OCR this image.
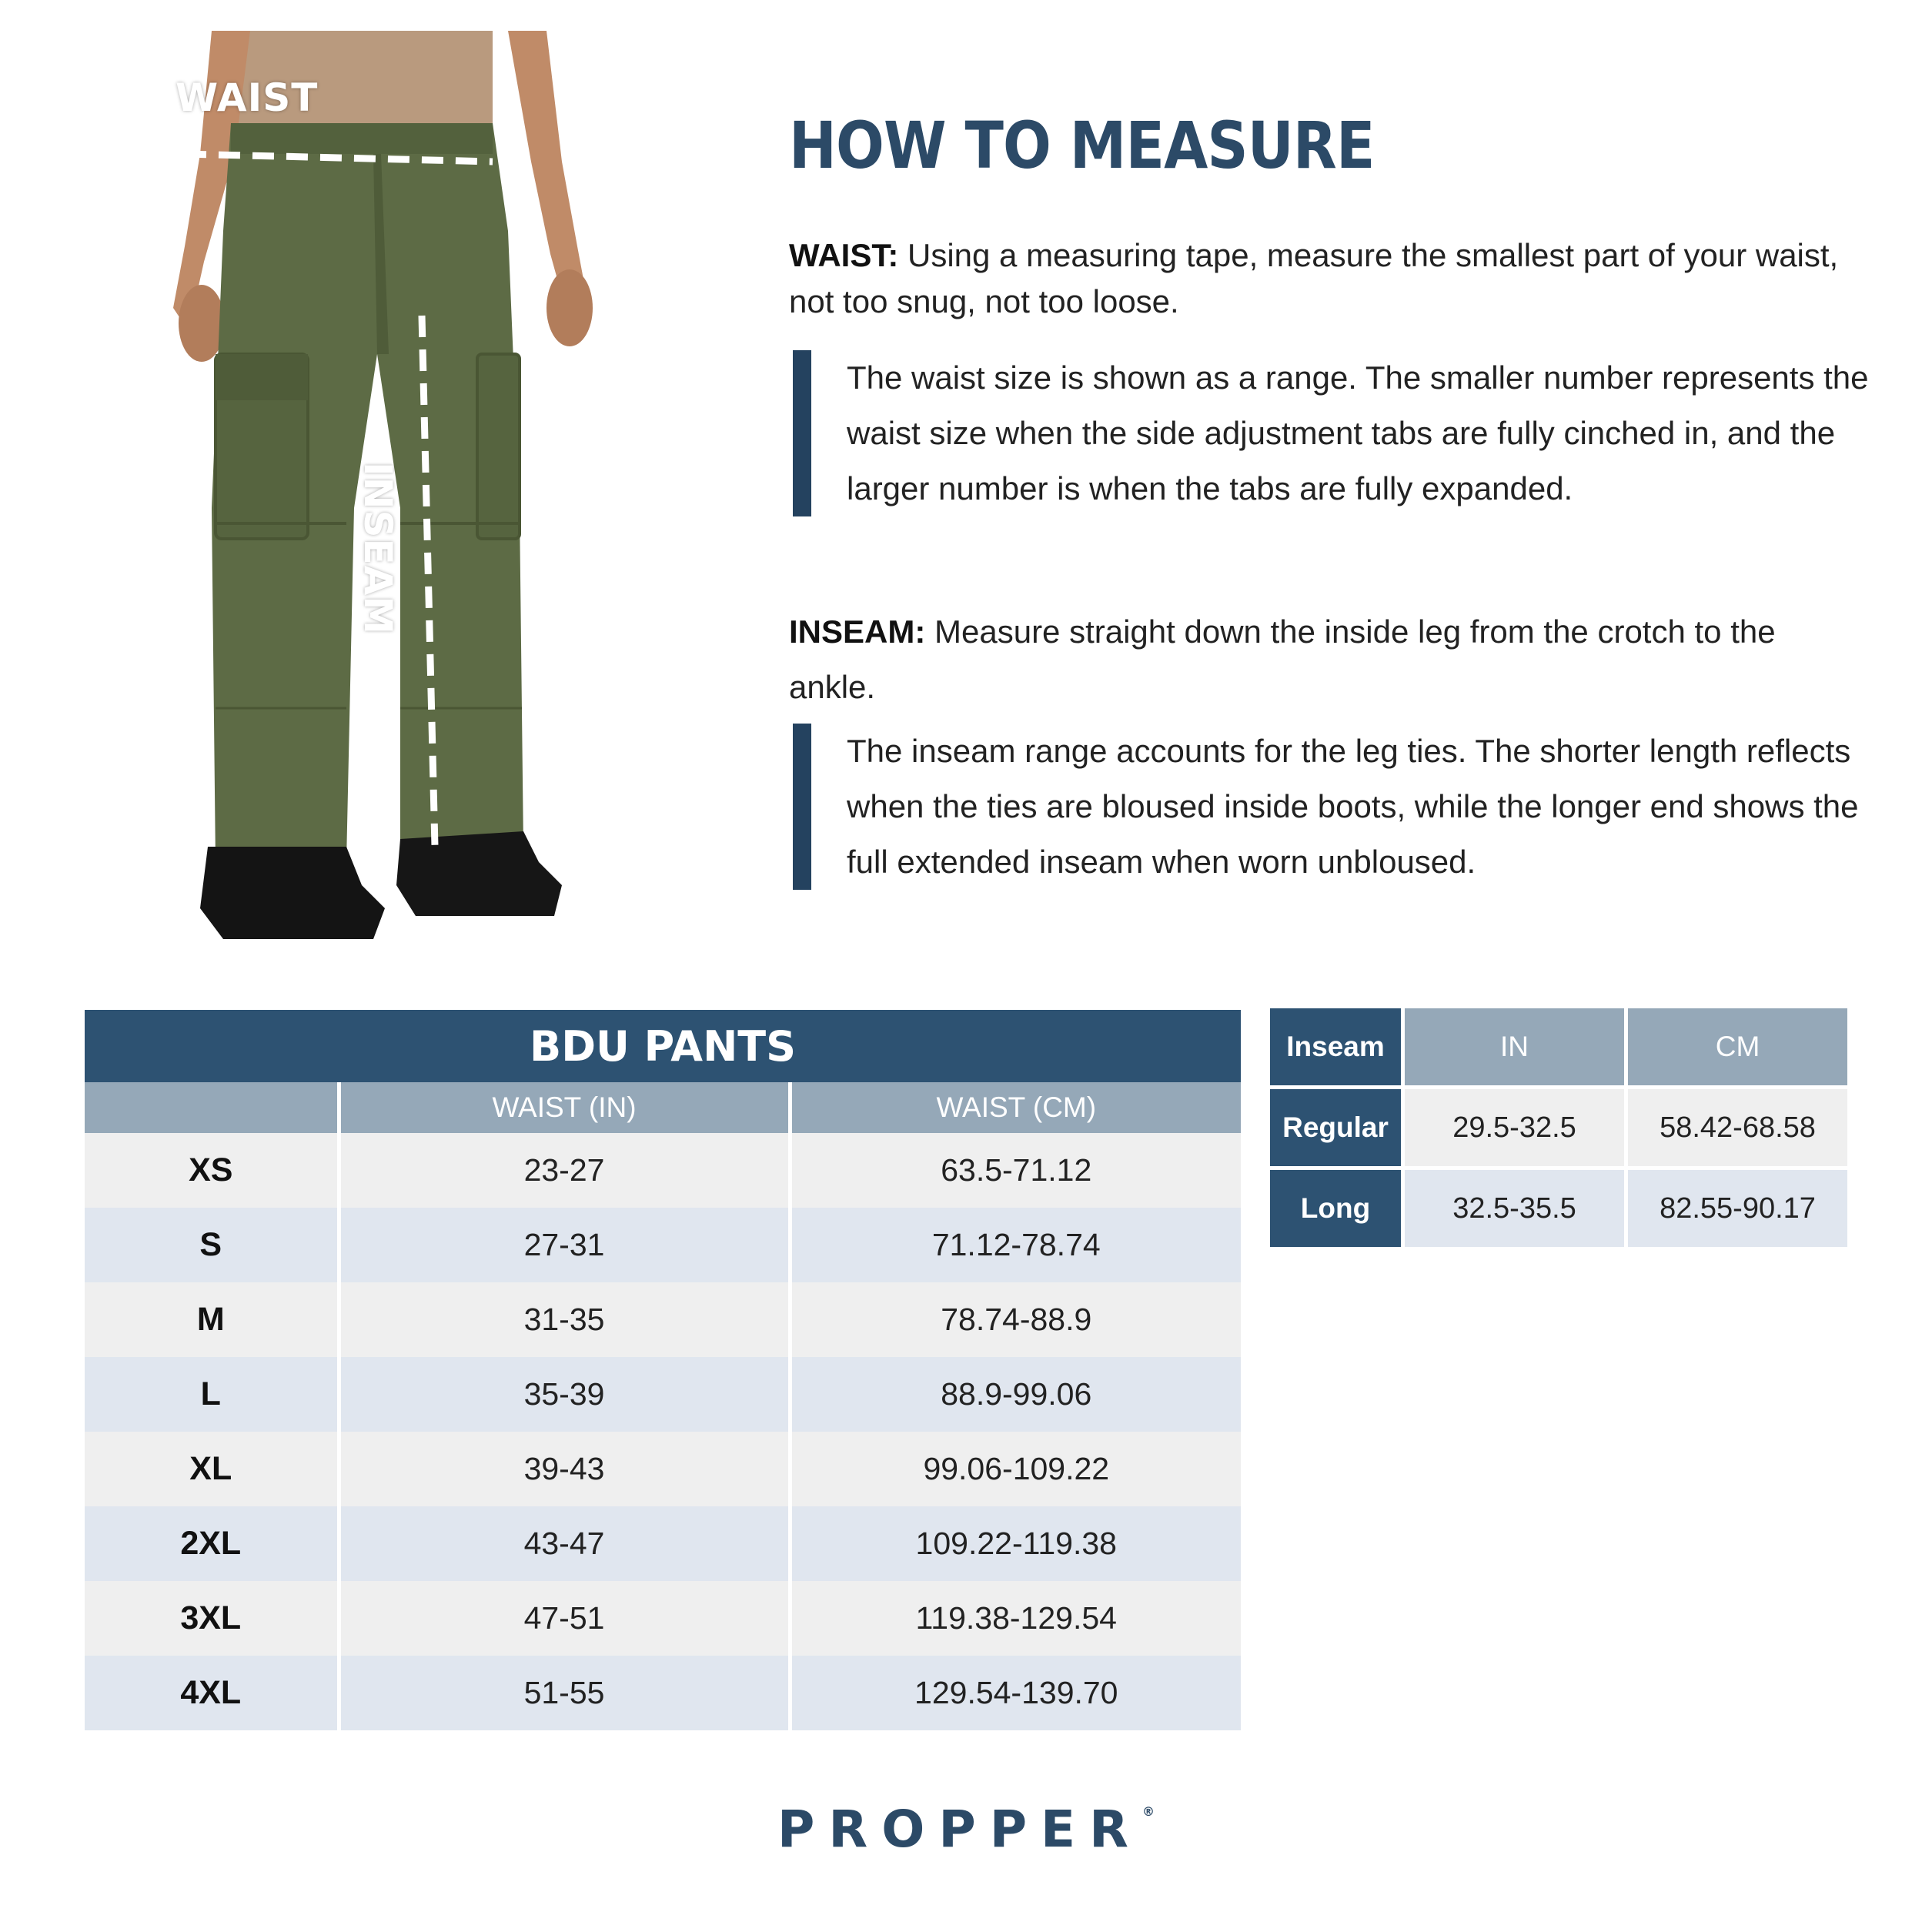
WAIST
INSEAM
HOW TO MEASURE
WAIST: Using a measuring tape, measure the smallest part of your waist, not too snug, not too loose.
The waist size is shown as a range. The smaller number represents the waist size when the side adjustment tabs are fully cinched in, and the larger number is when the tabs are fully expanded.
INSEAM: Measure straight down the inside leg from the crotch to the ankle.
The inseam range accounts for the leg ties. The shorter length reflects when the ties are bloused inside boots, while the longer end shows the full extended inseam when worn unbloused.
BDU PANTS		
	WAIST (IN)	WAIST (CM)
XS	23-27	63.5-71.12
S	27-31	71.12-78.74
M	31-35	78.74-88.9
L	35-39	88.9-99.06
XL	39-43	99.06-109.22
2XL	43-47	109.22-119.38
3XL	47-51	119.38-129.54
4XL	51-55	129.54-139.70
Inseam	IN	CM
Regular	29.5-32.5	58.42-68.58
Long	32.5-35.5	82.55-90.17
PROPPER®
